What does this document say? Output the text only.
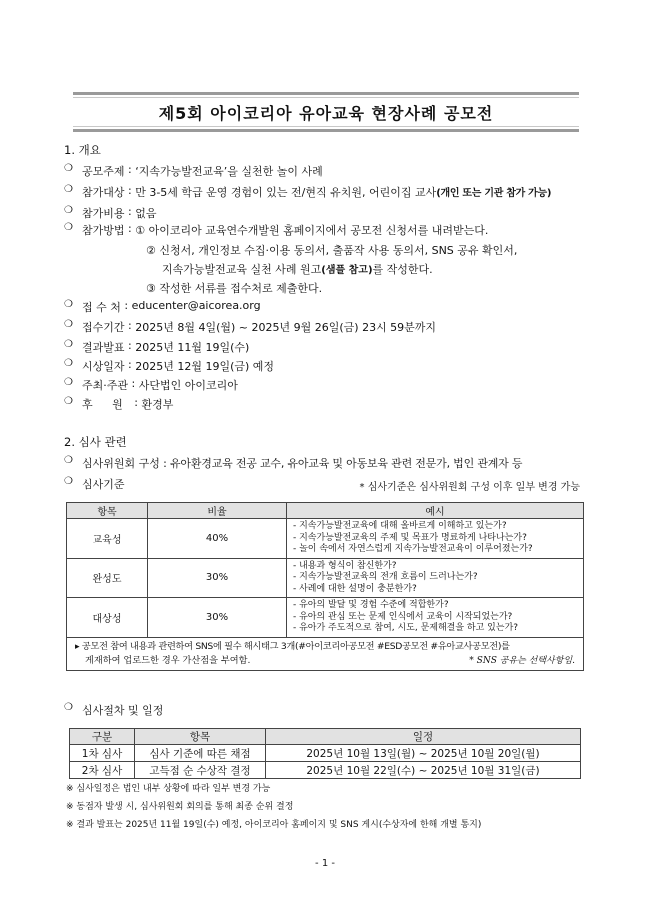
제5회 아이코리아 유아교육 현장사례 공모전
1. 개요
❍ 공모주제 : ‘지속가능발전교육’을 실천한 놀이 사례
❍ 참가대상 : 만 3-5세 학급 운영 경험이 있는 전/현직 유치원, 어린이집 교사 (개인 또는 기관 참가 가능)
❍ 참가비용 : 없음
❍ 참가방법 : ① 아이코리아 교육연수개발원 홈페이지에서 공모전 신청서를 내려받는다.
② 신청서, 개인정보 수집·이용 동의서, 출품작 사용 동의서, SNS 공유 확인서,
지속가능발전교육 실천 사례 원고(샘플 참고)를 작성한다.
③ 작성한 서류를 접수처로 제출한다.
❍ 접 수 처 : educenter@aicorea.org
❍ 접수기간 : 2025년 8월 4일(월) ~ 2025년 9월 26일(금) 23시 59분까지
❍ 결과발표 : 2025년 11월 19일(수)
❍ 시상일자 : 2025년 12월 19일(금) 예정
❍ 주최·주관 : 사단법인 아이코리아
❍ 후 원 : 환경부
2. 심사 관련
❍ 심사위원회 구성 : 유아환경교육 전공 교수, 유아교육 및 아동보육 관련 전문가, 법인 관계자 등
❍ 심사기준	* 심사기준은 심사위원회 구성 이후 일부 변경 가능
항목	비율	예시
교육성	40%	- 지속가능발전교육에 대해 올바르게 이해하고 있는가?
- 지속가능발전교육의 주제 및 목표가 명료하게 나타나는가?
- 놀이 속에서 자연스럽게 지속가능발전교육이 이루어졌는가?

완성도	30%	- 내용과 형식이 참신한가?
- 지속가능발전교육의 전개 흐름이 드러나는가?
- 사례에 대한 설명이 충분한가?

대상성	30%	- 유아의 발달 및 경험 수준에 적합한가?
- 유아의 관심 또는 문제 인식에서 교육이 시작되었는가?
- 유아가 주도적으로 참여, 시도, 문제해결을 하고 있는가?

▸ 공모전 참여 내용과 관련하여 SNS에 필수 해시태그 3개(#아이코리아공모전 #ESD공모전 #유아교사공모전)를
게재하여 업로드한 경우 가산점을 부여함. * SNS 공유는 선택사항임.		
❍ 심사절차 및 일정
구분	항목	일정
1차 심사	심사 기준에 따른 채점	2025년 10월 13일(월) ~ 2025년 10월 20일(월)
2차 심사	고득점 순 수상작 결정	2025년 10월 22일(수) ~ 2025년 10월 31일(금)
※ 심사일정은 법인 내부 상황에 따라 일부 변경 가능
※ 동점자 발생 시, 심사위원회 회의를 통해 최종 순위 결정
※ 결과 발표는 2025년 11월 19일(수) 예정, 아이코리아 홈페이지 및 SNS 게시(수상자에 한해 개별 통지)
- 1 -
